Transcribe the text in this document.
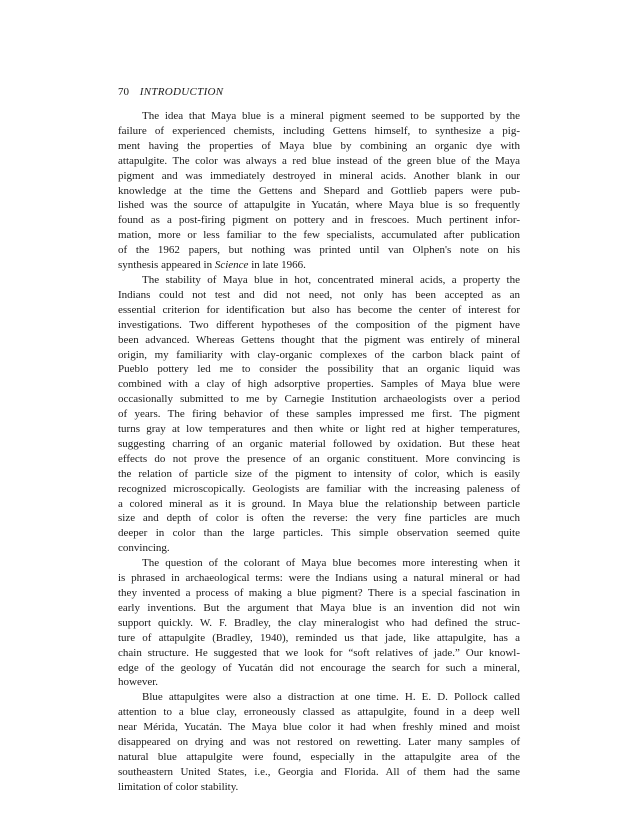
70 INTRODUCTION
The idea that Maya blue is a mineral pigment seemed to be supported by the
failure of experienced chemists, including Gettens himself, to synthesize a pig-
ment having the properties of Maya blue by combining an organic dye with
attapulgite. The color was always a red blue instead of the green blue of the Maya
pigment and was immediately destroyed in mineral acids. Another blank in our
knowledge at the time the Gettens and Shepard and Gottlieb papers were pub-
lished was the source of attapulgite in Yucatán, where Maya blue is so frequently
found as a post-firing pigment on pottery and in frescoes. Much pertinent infor-
mation, more or less familiar to the few specialists, accumulated after publication
of the 1962 papers, but nothing was printed until van Olphen's note on his
synthesis appeared in Science in late 1966.
The stability of Maya blue in hot, concentrated mineral acids, a property the
Indians could not test and did not need, not only has been accepted as an
essential criterion for identification but also has become the center of interest for
investigations. Two different hypotheses of the composition of the pigment have
been advanced. Whereas Gettens thought that the pigment was entirely of mineral
origin, my familiarity with clay-organic complexes of the carbon black paint of
Pueblo pottery led me to consider the possibility that an organic liquid was
combined with a clay of high adsorptive properties. Samples of Maya blue were
occasionally submitted to me by Carnegie Institution archaeologists over a period
of years. The firing behavior of these samples impressed me first. The pigment
turns gray at low temperatures and then white or light red at higher temperatures,
suggesting charring of an organic material followed by oxidation. But these heat
effects do not prove the presence of an organic constituent. More convincing is
the relation of particle size of the pigment to intensity of color, which is easily
recognized microscopically. Geologists are familiar with the increasing paleness of
a colored mineral as it is ground. In Maya blue the relationship between particle
size and depth of color is often the reverse: the very fine particles are much
deeper in color than the large particles. This simple observation seemed quite
convincing.
The question of the colorant of Maya blue becomes more interesting when it
is phrased in archaeological terms: were the Indians using a natural mineral or had
they invented a process of making a blue pigment? There is a special fascination in
early inventions. But the argument that Maya blue is an invention did not win
support quickly. W. F. Bradley, the clay mineralogist who had defined the struc-
ture of attapulgite (Bradley, 1940), reminded us that jade, like attapulgite, has a
chain structure. He suggested that we look for “soft relatives of jade.” Our knowl-
edge of the geology of Yucatán did not encourage the search for such a mineral,
however.
Blue attapulgites were also a distraction at one time. H. E. D. Pollock called
attention to a blue clay, erroneously classed as attapulgite, found in a deep well
near Mérida, Yucatán. The Maya blue color it had when freshly mined and moist
disappeared on drying and was not restored on rewetting. Later many samples of
natural blue attapulgite were found, especially in the attapulgite area of the
southeastern United States, i.e., Georgia and Florida. All of them had the same
limitation of color stability.
